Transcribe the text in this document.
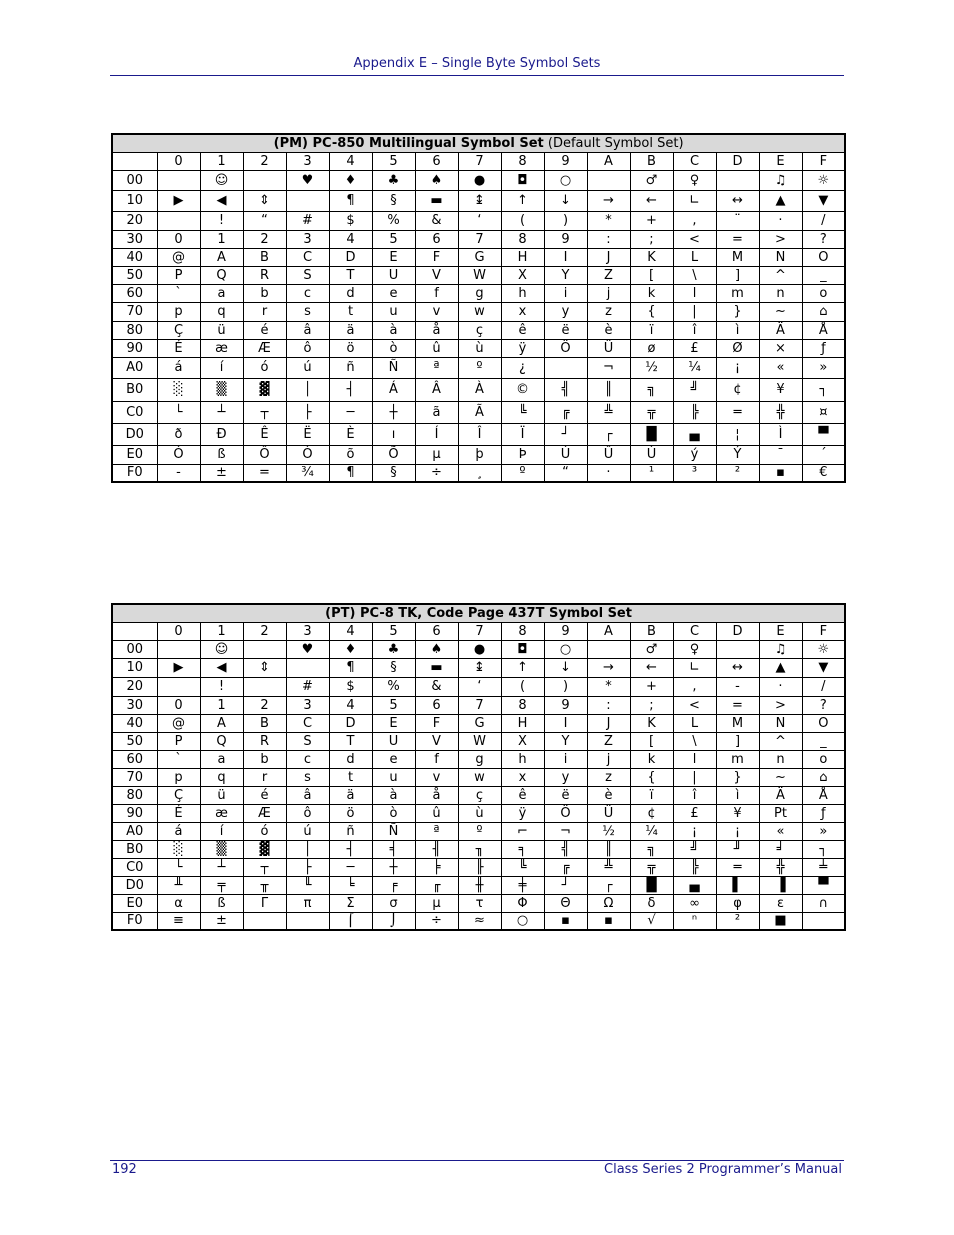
Appendix E – Single Byte Symbol Sets
(PM) PC-850 Multilingual Symbol Set (Default Symbol Set)																
	0	1	2	3	4	5	6	7	8	9	A	B	C	D	E	F
00		☺		♥	♦	♣	♠	●	◘	○		♂	♀		♫	☼
10	▶	◀	⇕		¶	§	▬	↨	↑	↓	→	←	∟	↔	▲	▼
20		!	“	#	$	%	&	‘	(	)	*	+	,	¨	·	/
30	0	1	2	3	4	5	6	7	8	9	:	;	<	=	>	?
40	@	A	B	C	D	E	F	G	H	I	J	K	L	M	N	O
50	P	Q	R	S	T	U	V	W	X	Y	Z	[	\	]	^	_
60	`	a	b	c	d	e	f	g	h	i	j	k	l	m	n	o
70	p	q	r	s	t	u	v	w	x	y	z	{	|	}	~	⌂
80	Ç	ü	é	â	ä	à	å	ç	ê	ë	è	ï	î	ì	Ä	Å
90	É	æ	Æ	ô	ö	ò	û	ù	ÿ	Ö	Ü	ø	£	Ø	×	ƒ
A0	á	í	ó	ú	ñ	Ñ	ª	º	¿		¬	½	¼	¡	«	»
B0	░	▒	▓	│	┤	Á	Â	À	©	╣	║	╗	╝	¢	¥	┐
C0	└	┴	┬	├	─	┼	ã	Ã	╚	╔	╩	╦	╠	═	╬	¤
D0	ð	Ð	Ê	Ë	È	ı	Í	Î	Ï	┘	┌	█	▄	¦	Ì	▀
E0	Ó	ß	Ô	Ò	õ	Õ	µ	þ	Þ	Ú	Û	Ù	ý	Ý	¯	´
F0	-	±	=	¾	¶	§	÷	¸	º	“	·	¹	³	²	▪	€
(PT) PC-8 TK, Code Page 437T Symbol Set																
	0	1	2	3	4	5	6	7	8	9	A	B	C	D	E	F
00		☺		♥	♦	♣	♠	●	◘	○		♂	♀		♫	☼
10	▶	◀	⇕		¶	§	▬	↨	↑	↓	→	←	∟	↔	▲	▼
20		!		#	$	%	&	‘	(	)	*	+	,	-	·	/
30	0	1	2	3	4	5	6	7	8	9	:	;	<	=	>	?
40	@	A	B	C	D	E	F	G	H	I	J	K	L	M	N	O
50	P	Q	R	S	T	U	V	W	X	Y	Z	[	\	]	^	_
60	`	a	b	c	d	e	f	g	h	i	j	k	l	m	n	o
70	p	q	r	s	t	u	v	w	x	y	z	{	|	}	~	⌂
80	Ç	ü	é	â	ä	à	å	ç	ê	ë	è	ï	î	ì	Ä	Å
90	É	æ	Æ	ô	ö	ò	û	ù	ÿ	Ö	Ü	¢	£	¥	Pt	ƒ
A0	á	í	ó	ú	ñ	Ñ	ª	º	⌐	¬	½	¼	¡	¡	«	»
B0	░	▒	▓	│	┤	╡	╢	╖	╕	╣	║	╗	╝	╜	╛	┐
C0	└	┴	┬	├	─	┼	╞	╟	╚	╔	╩	╦	╠	═	╬	╧
D0	╨	╤	╥	╙	╘	╒	╓	╫	╪	┘	┌	█	▄	▌	▐	▀
E0	α	ß	Γ	π	Σ	σ	µ	τ	Φ	Θ	Ω	δ	∞	φ	ε	∩
F0	≡	±			⌠	⌡	÷	≈	○	▪	▪	√	ⁿ	²	■	
192	Class Series 2 Programmer’s Manual
